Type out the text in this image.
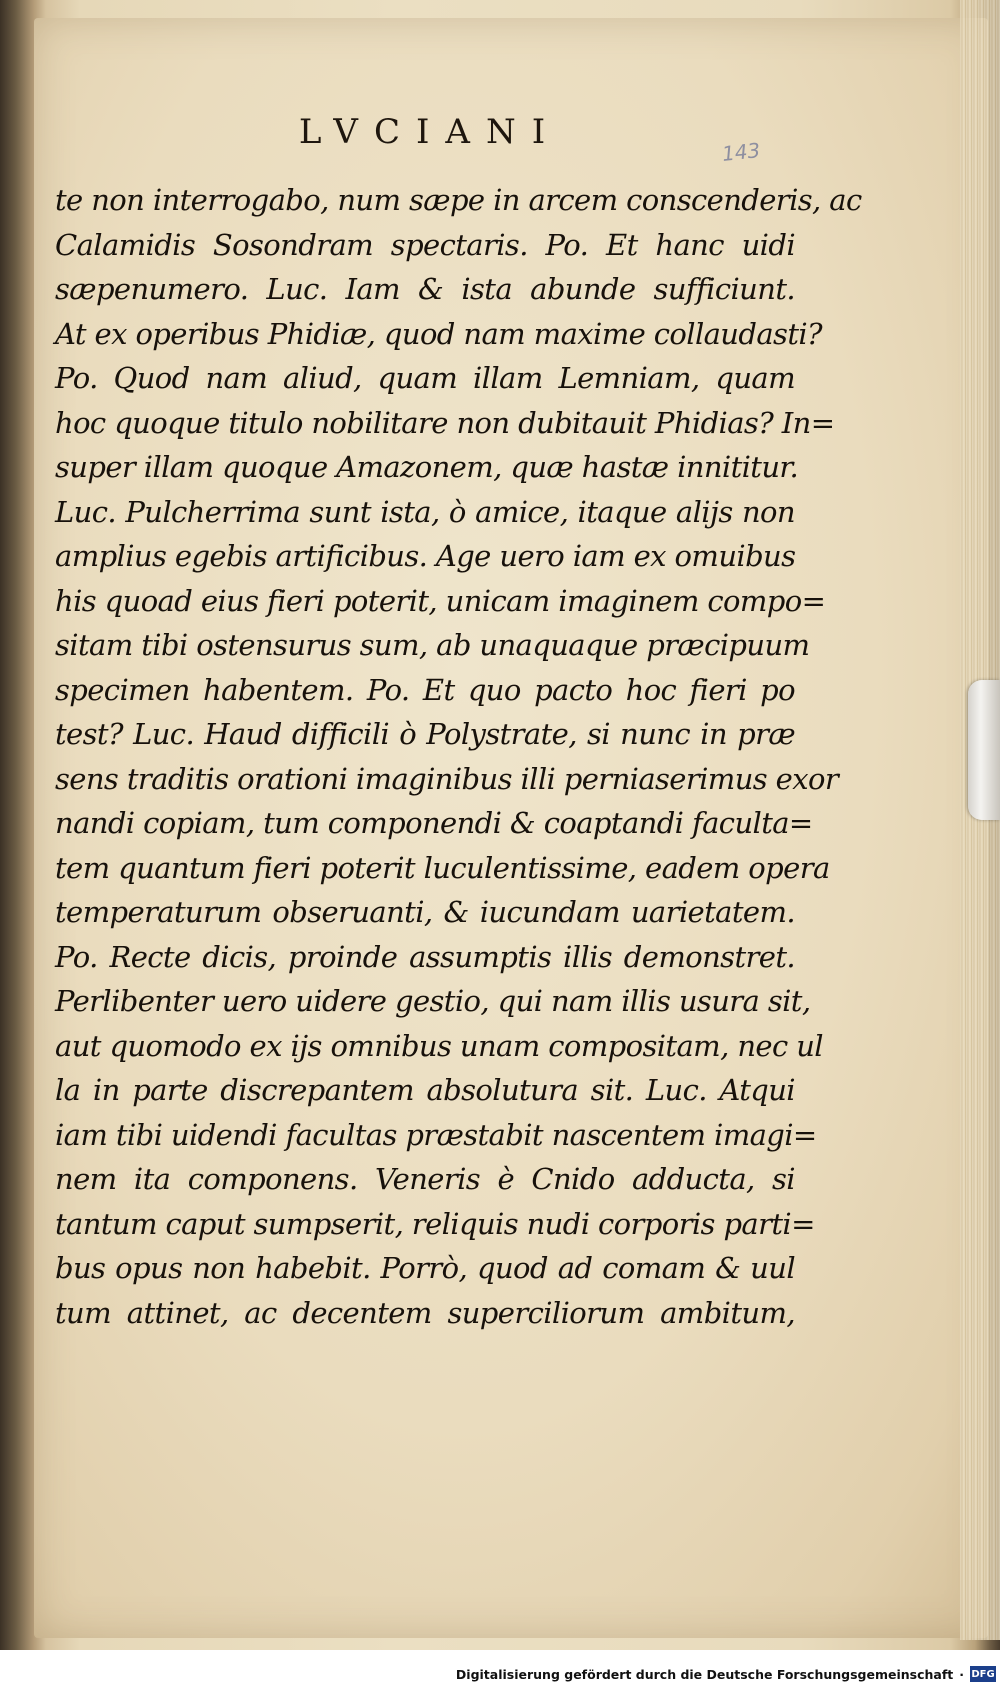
LVCIANI	143
te non interrogabo, num sæpe in arcem conscenderis, ac
Calamidis Sosondram spectaris. Po. Et hanc uidi
sæpenumero. Luc. Iam & ista abunde sufficiunt.
At ex operibus Phidiæ, quod nam maxime collaudasti?
Po. Quod nam aliud, quam illam Lemniam, quam
hoc quoque titulo nobilitare non dubitauit Phidias? In=
super illam quoque Amazonem, quæ hastæ innititur.
Luc. Pulcherrima sunt ista, ò amice, itaque alijs non
amplius egebis artificibus. Age uero iam ex omuibus
his quoad eius fieri poterit, unicam imaginem compo=
sitam tibi ostensurus sum, ab unaquaque præcipuum
specimen habentem. Po. Et quo pacto hoc fieri po
test? Luc. Haud difficili ò Polystrate, si nunc in præ
sens traditis orationi imaginibus illi perniaserimus exor
nandi copiam, tum componendi & coaptandi faculta=
tem quantum fieri poterit luculentissime, eadem opera
temperaturum obseruanti, & iucundam uarietatem.
Po. Recte dicis, proinde assumptis illis demonstret.
Perlibenter uero uidere gestio, qui nam illis usura sit,
aut quomodo ex ijs omnibus unam compositam, nec ul
la in parte discrepantem absolutura sit. Luc. Atqui
iam tibi uidendi facultas præstabit nascentem imagi=
nem ita componens. Veneris è Cnido adducta, si
tantum caput sumpserit, reliquis nudi corporis parti=
bus opus non habebit. Porrò, quod ad comam & uul
tum attinet, ac decentem superciliorum ambitum,
Digitalisierung gefördert durch die Deutsche Forschungsgemeinschaft · DFG
